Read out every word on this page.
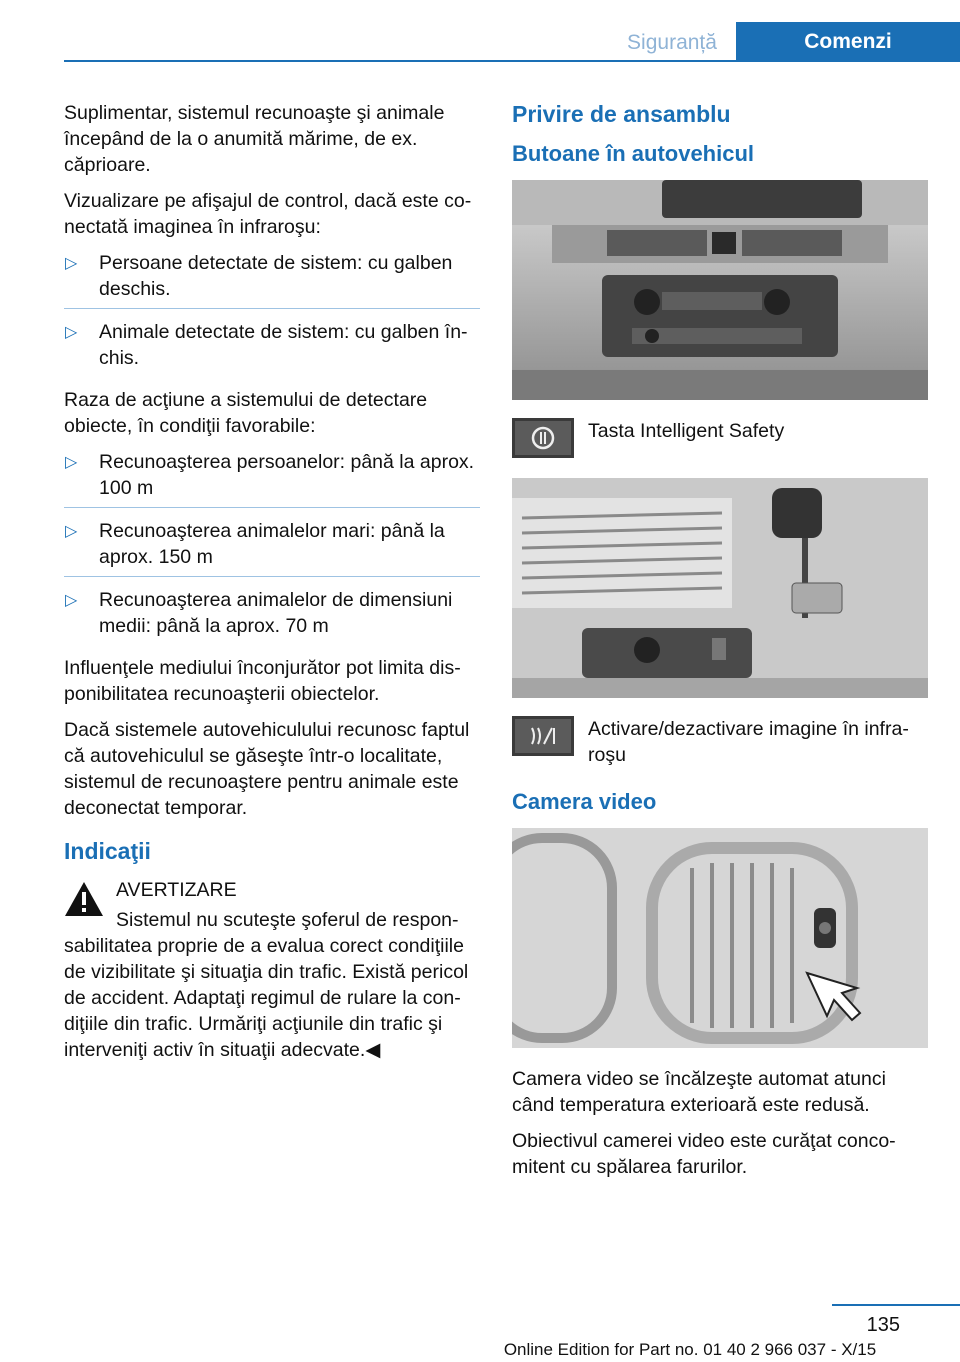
Siguranță	Comenzi

Suplimentar, sistemul recunoaşte şi animale începând de la o anumită mărime, de ex. căprioare.

Vizualizare pe afişajul de control, dacă este co‐nectată imaginea în infraroşu:

▷ Persoane detectate de sistem: cu galben deschis.
▷ Animale detectate de sistem: cu galben în‐chis.

Raza de acţiune a sistemului de detectare obiecte, în condiţii favorabile:

▷ Recunoaşterea persoanelor: până la aprox. 100 m
▷ Recunoaşterea animalelor mari: până la aprox. 150 m
▷ Recunoaşterea animalelor de dimensiuni medii: până la aprox. 70 m

Influenţele mediului înconjurător pot limita dis‐ponibilitatea recunoaşterii obiectelor.

Dacă sistemele autovehiculului recunosc faptul că autovehiculul se găseşte într-o localitate, sistemul de recunoaştere pentru animale este deconectat temporar.

Indicaţii
AVERTIZARE
Sistemul nu scuteşte şoferul de respon‐
sabilitatea proprie de a evalua corect condiţiile de vizibilitate şi situaţia din trafic. Există pericol de accident. Adaptaţi regimul de rulare la con‐diţiile din trafic. Urmăriţi acţiunile din trafic şi interveniţi activ în situaţii adecvate.◀
Privire de ansamblu
Butoane în autovehicul
Tasta Intelligent Safety
Activare/dezactivare imagine în infra‐roşu
Camera video

Camera video se încălzeşte automat atunci când temperatura exterioară este redusă.

Obiectivul camerei video este curăţat conco‐mitent cu spălarea farurilor.

135
Online Edition for Part no. 01 40 2 966 037 - X/15
